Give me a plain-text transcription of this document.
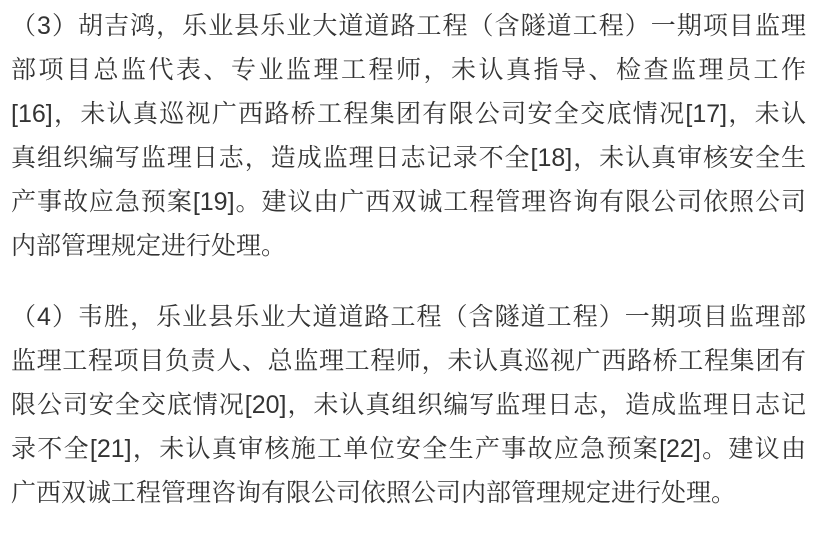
（3）胡吉鸿，乐业县乐业大道道路工程（含隧道工程）一期项目监理
部项目总监代表、专业监理工程师，未认真指导、检查监理员工作
[16]，未认真巡视广西路桥工程集团有限公司安全交底情况[17]，未认
真组织编写监理日志，造成监理日志记录不全[18]，未认真审核安全生
产事故应急预案[19]。建议由广西双诚工程管理咨询有限公司依照公司
内部管理规定进行处理。
（4）韦胜，乐业县乐业大道道路工程（含隧道工程）一期项目监理部
监理工程项目负责人、总监理工程师，未认真巡视广西路桥工程集团有
限公司安全交底情况[20]，未认真组织编写监理日志，造成监理日志记
录不全[21]，未认真审核施工单位安全生产事故应急预案[22]。建议由
广西双诚工程管理咨询有限公司依照公司内部管理规定进行处理。
